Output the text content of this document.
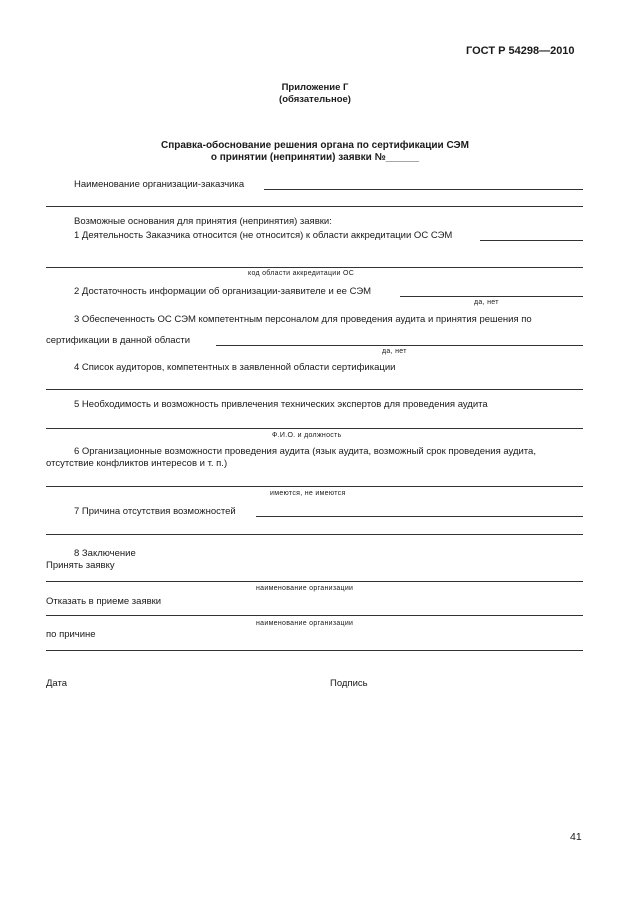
ГОСТ Р 54298—2010
Приложение Г
(обязательное)
Справка-обоснование решения органа по сертификации СЭМ
о принятии (непринятии) заявки №______
Наименование организации-заказчика
Возможные основания для принятия (непринятия) заявки:
1 Деятельность Заказчика относится (не относится) к области аккредитации ОС СЭМ
код области аккредитации ОС
2 Достаточность информации об организации-заявителе и ее СЭМ
да, нет
3 Обеспеченность ОС СЭМ компетентным персоналом для проведения аудита и принятия решения по
сертификации в данной области
да, нет
4 Список аудиторов, компетентных в заявленной области сертификации
5 Необходимость и возможность привлечения технических экспертов для проведения аудита
Ф.И.О. и должность
6 Организационные возможности проведения аудита (язык аудита, возможный срок проведения аудита,
отсутствие конфликтов интересов и т. п.)
имеются, не имеются
7 Причина отсутствия возможностей
8 Заключение
Принять заявку
наименование организации
Отказать в приеме заявки
наименование организации
по причине
Дата	Подпись
41
